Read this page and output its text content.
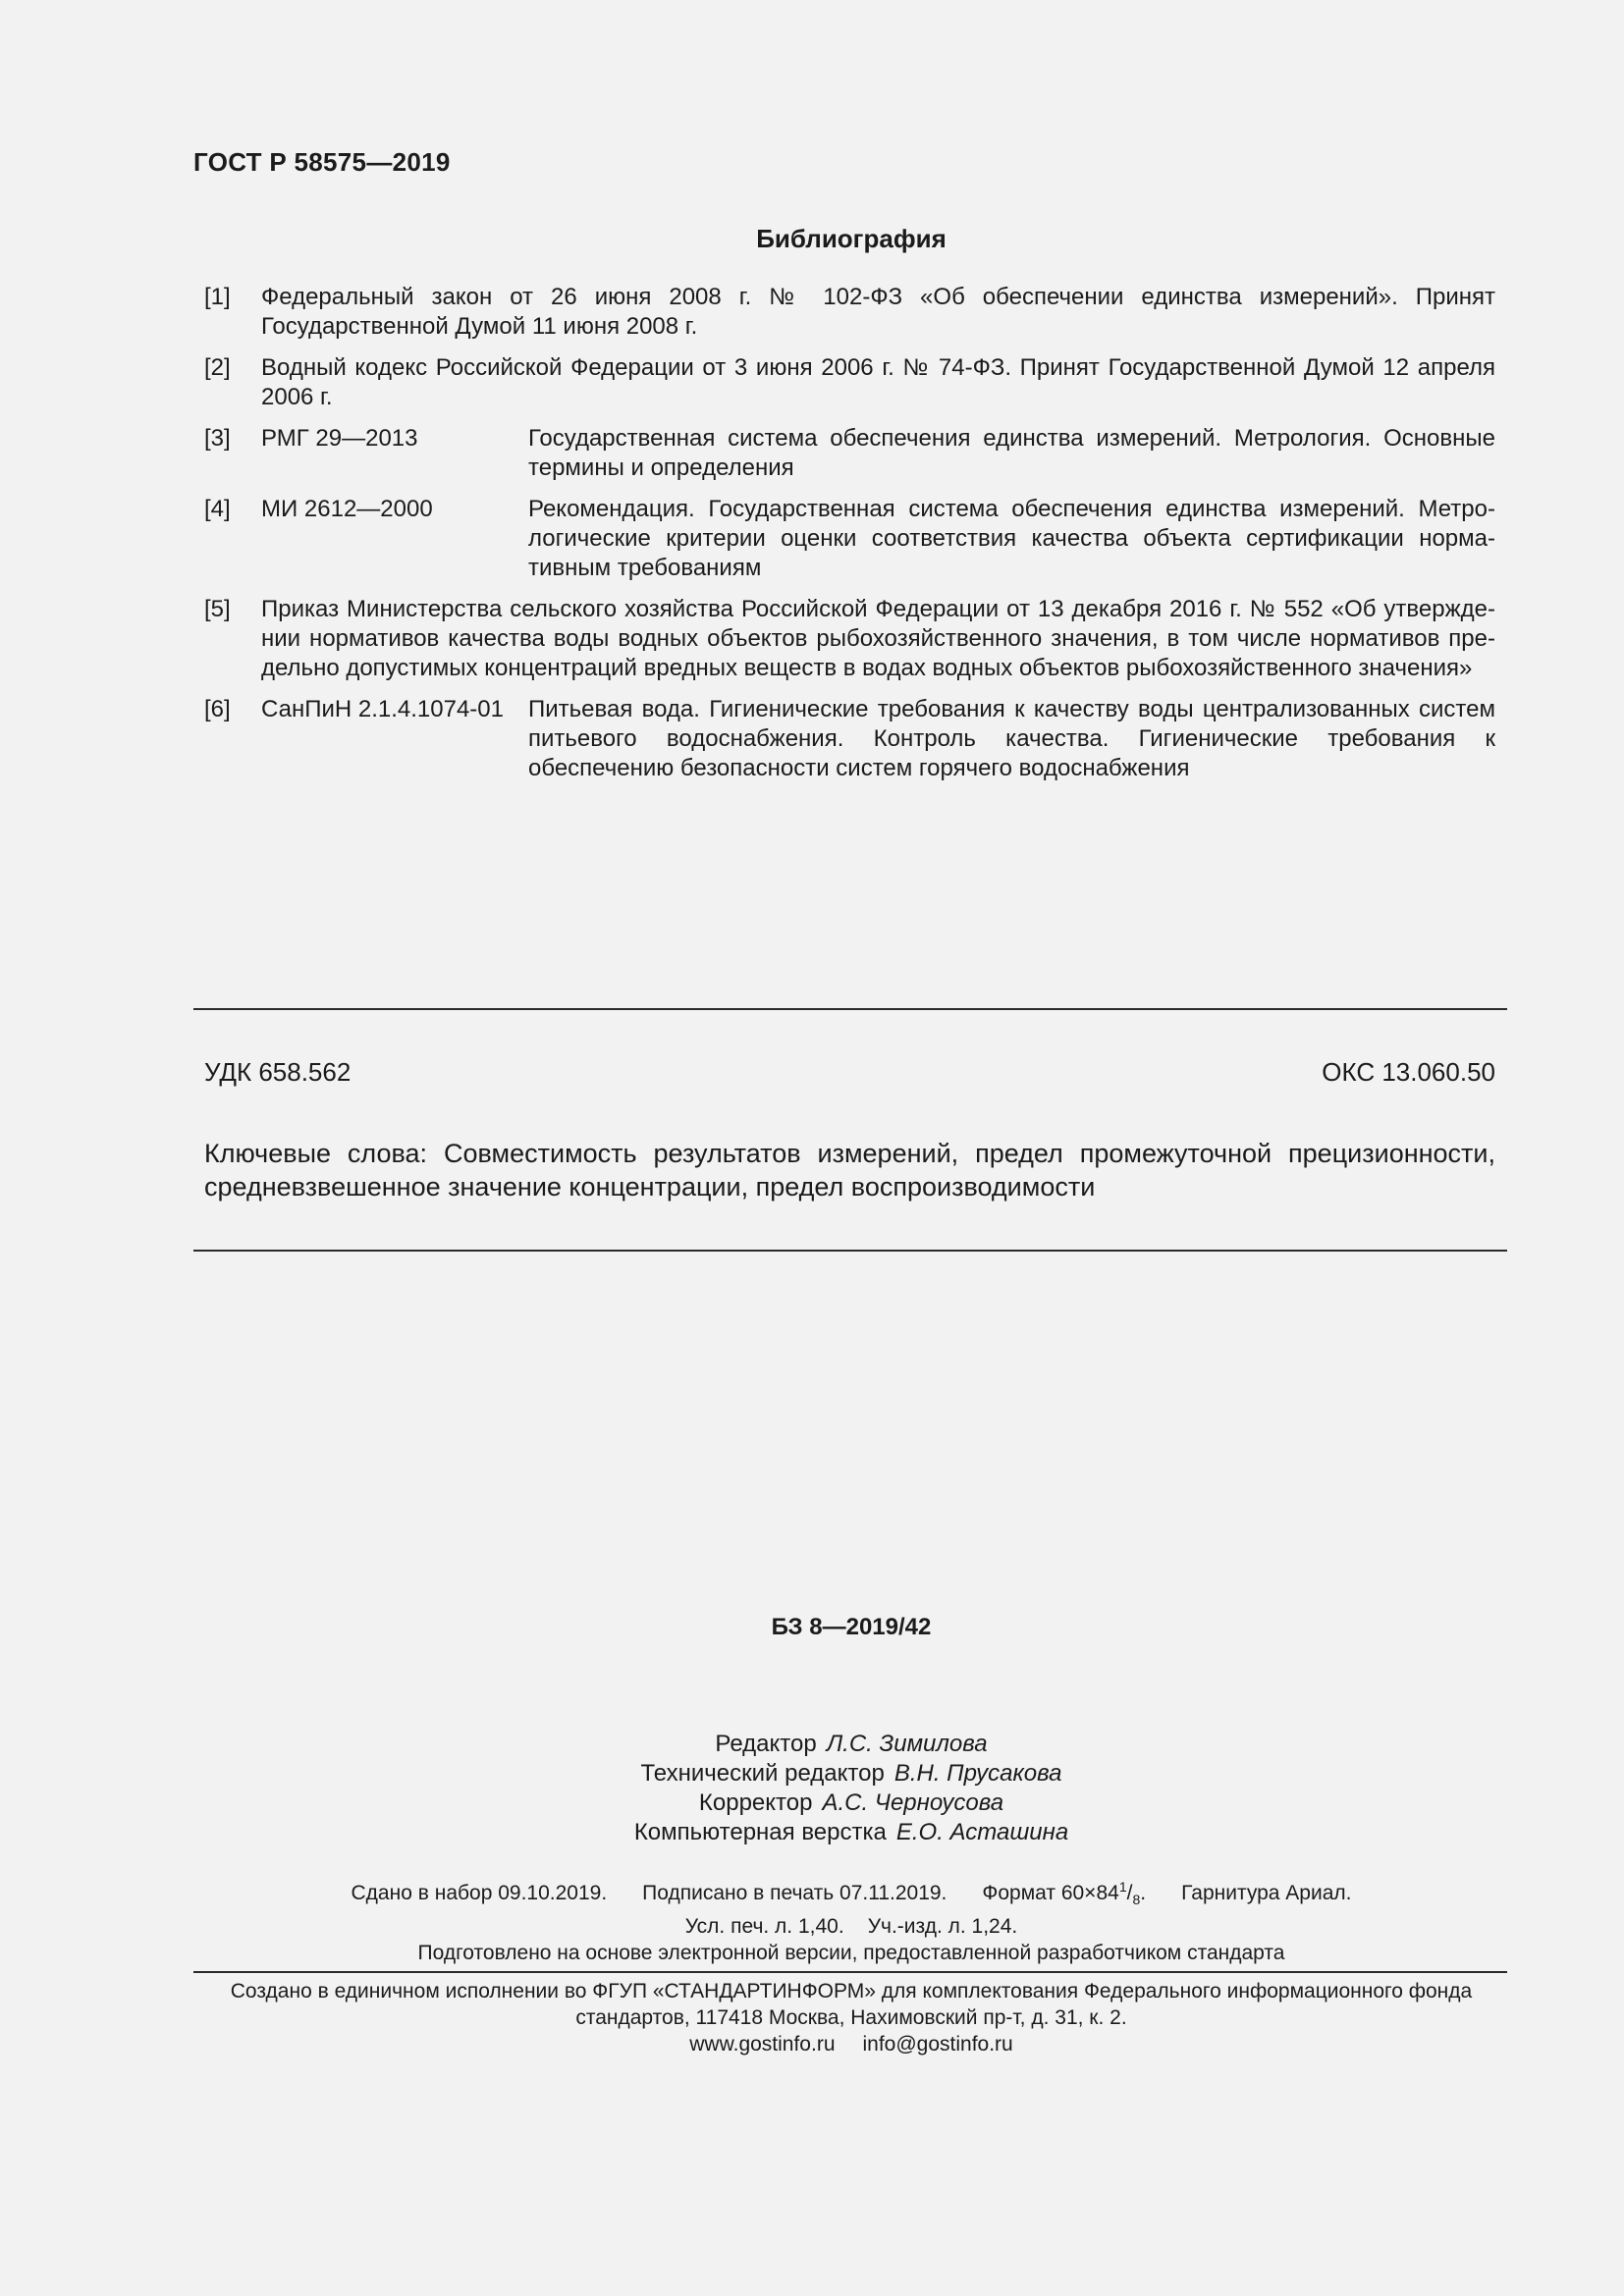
ГОСТ Р 58575—2019
Библиография
[1]	Федеральный закон от 26 июня 2008 г. № 102-ФЗ «Об обеспечении единства измерений». Принят Государственной Думой 11 июня 2008 г.
[2]	Водный кодекс Российской Федерации от 3 июня 2006 г. № 74-ФЗ. Принят Государственной Думой 12 апреля 2006 г.
[3]	РМГ 29—2013	Государственная система обеспечения единства измерений. Метрология. Основные термины и определения
[4]	МИ 2612—2000	Рекомендация. Государственная система обеспечения единства измерений. Метрологические критерии оценки соответствия качества объекта сертификации нормативным требованиям
[5]	Приказ Министерства сельского хозяйства Российской Федерации от 13 декабря 2016 г. № 552 «Об утверждении нормативов качества воды водных объектов рыбохозяйственного значения, в том числе нормативов предельно допустимых концентраций вредных веществ в водах водных объектов рыбохозяйственного значения»
[6]	СанПиН 2.1.4.1074-01	Питьевая вода. Гигиенические требования к качеству воды централизованных систем питьевого водоснабжения. Контроль качества. Гигиенические требования к обеспечению безопасности систем горячего водоснабжения
УДК 658.562	ОКС 13.060.50
Ключевые слова: Совместимость результатов измерений, предел промежуточной прецизионности, средневзвешенное значение концентрации, предел воспроизводимости
БЗ 8—2019/42
Редактор Л.С. Зимилова
Технический редактор В.Н. Прусакова
Корректор А.С. Черноусова
Компьютерная верстка Е.О. Асташина
Сдано в набор 09.10.2019. Подписано в печать 07.11.2019. Формат $60\times 84^1/_8$. Гарнитура Ариал.
Усл. печ. л. 1,40. Уч.-изд. л. 1,24.
Подготовлено на основе электронной версии, предоставленной разработчиком стандарта
Создано в единичном исполнении во ФГУП «СТАНДАРТИНФОРМ» для комплектования Федерального информационного фонда
стандартов, 117418 Москва, Нахимовский пр-т, д. 31, к. 2.
www.gostinfo.ru info@gostinfo.ru
